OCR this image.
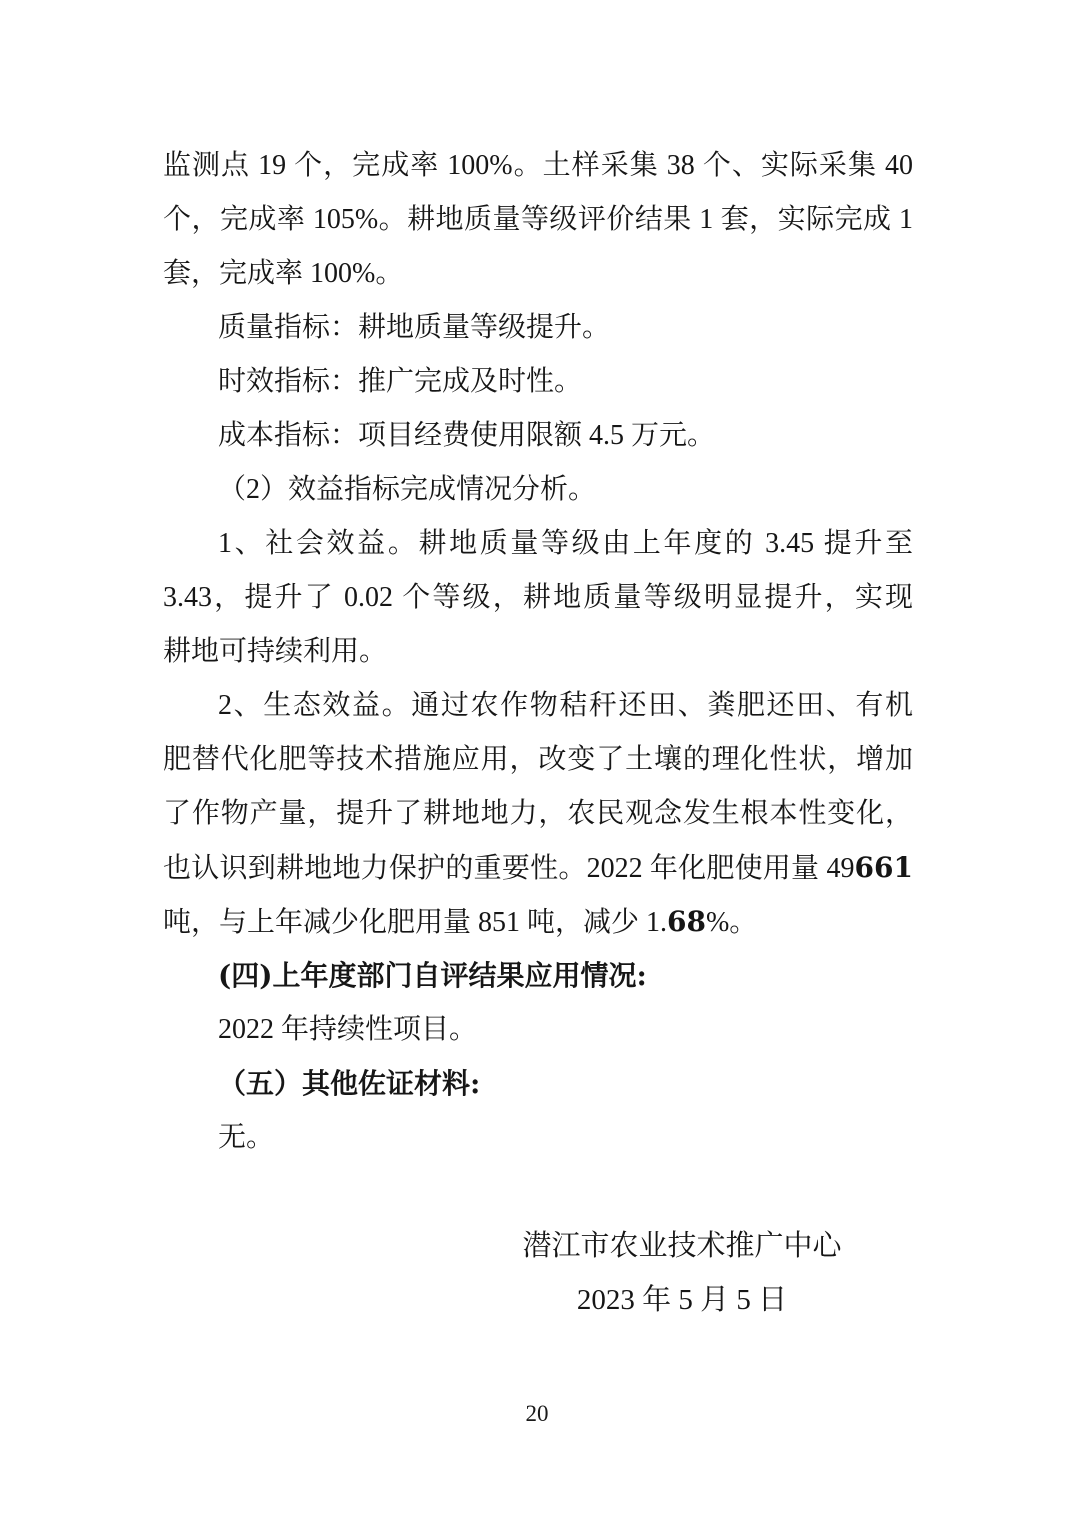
监测点 19 个，完成率 100%。土样采集 38 个、实际采集 40

个，完成率 105%。耕地质量等级评价结果 1 套，实际完成 1

套，完成率 100%。

质量指标：耕地质量等级提升。

时效指标：推广完成及时性。

成本指标：项目经费使用限额 4.5 万元。

（2）效益指标完成情况分析。

1、社会效益。耕地质量等级由上年度的 3.45 提升至

3.43，提升了 0.02 个等级，耕地质量等级明显提升，实现

耕地可持续利用。

2、生态效益。通过农作物秸秆还田、粪肥还田、有机

肥替代化肥等技术措施应用，改变了土壤的理化性状，增加

了作物产量，提升了耕地地力，农民观念发生根本性变化，

也认识到耕地地力保护的重要性。2022 年化肥使用量 49661

吨，与上年减少化肥用量 851 吨，减少 1.68%。

(四)上年度部门自评结果应用情况:

2022 年持续性项目。

（五）其他佐证材料:

无。

潜江市农业技术推广中心

2023 年 5 月 5 日

20
